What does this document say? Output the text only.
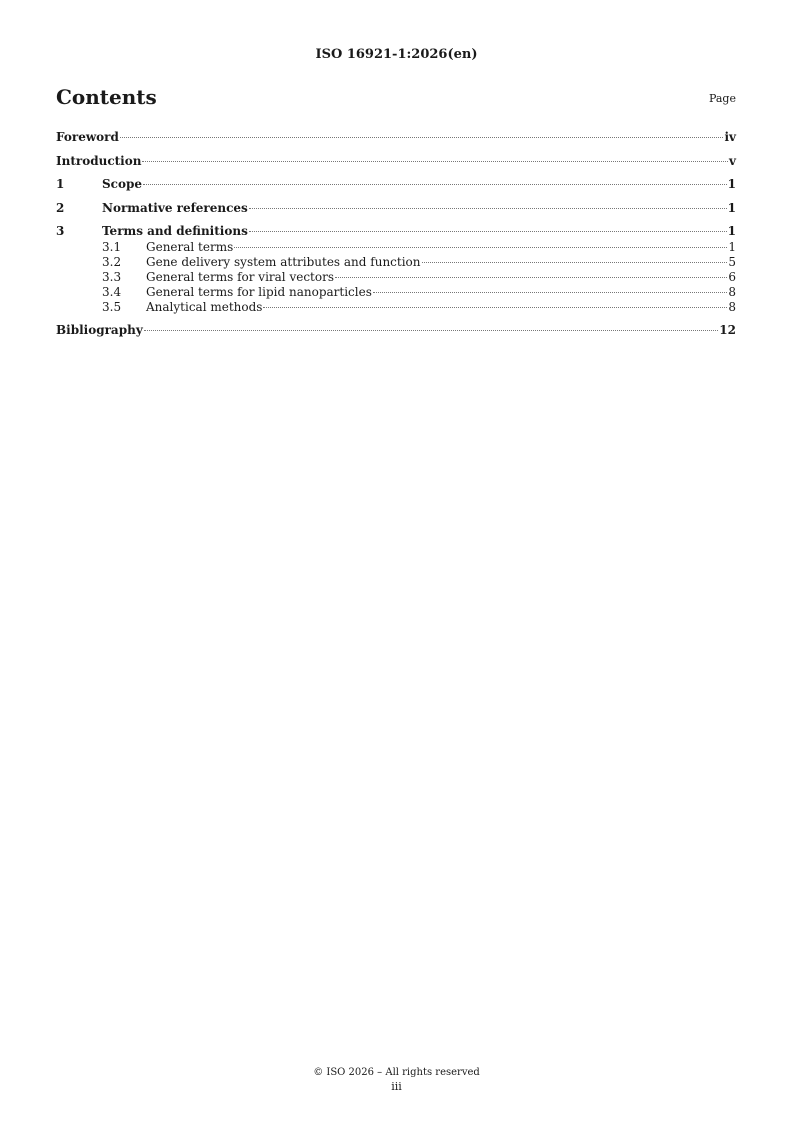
ISO 16921-1:2026(en)
Contents	Page
Foreword	iv
Introduction	v
1	Scope	1
2	Normative references	1
3	Terms and definitions	1
3.1	General terms	1
3.2	Gene delivery system attributes and function	5
3.3	General terms for viral vectors	6
3.4	General terms for lipid nanoparticles	8
3.5	Analytical methods	8
Bibliography	12
© ISO 2026 – All rights reserved
iii
